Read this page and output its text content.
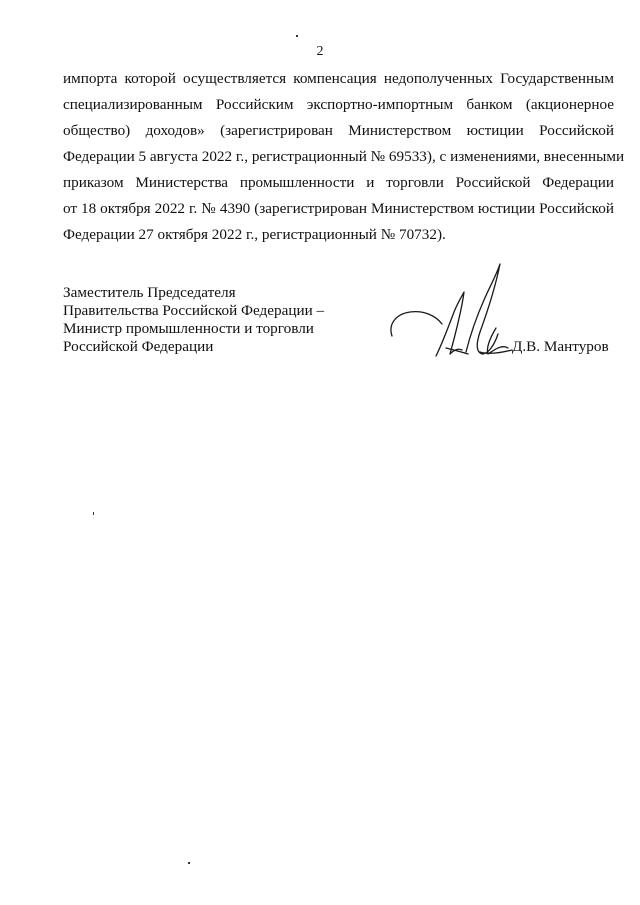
2
импорта которой осуществляется компенсация недополученных Государственным
специализированным Российским экспортно-импортным банком (акционерное
общество) доходов» (зарегистрирован Министерством юстиции Российской
Федерации 5 августа 2022 г., регистрационный № 69533), с изменениями, внесенными
приказом Министерства промышленности и торговли Российской Федерации
от 18 октября 2022 г. № 4390 (зарегистрирован Министерством юстиции Российской
Федерации 27 октября 2022 г., регистрационный № 70732).
Заместитель Председателя
Правительства Российской Федерации –
Министр промышленности и торговли
Российской Федерации	Д.В. Мантуров
